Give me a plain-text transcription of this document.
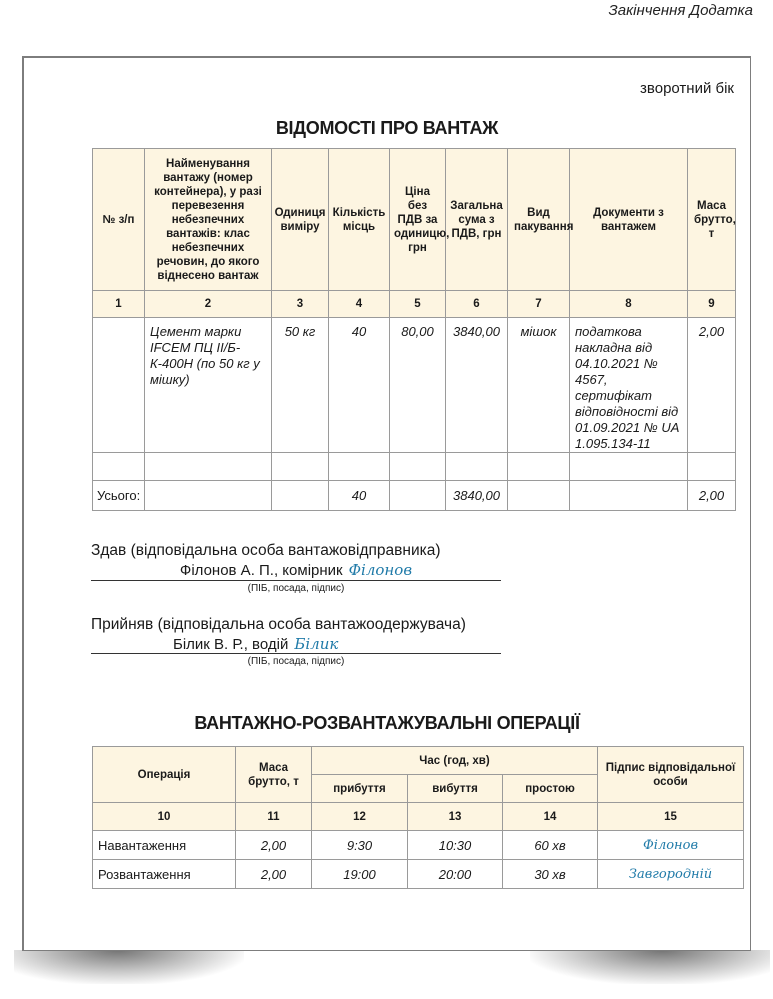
Закінчення Додатка
зворотний бік
ВІДОМОСТІ ПРО ВАНТАЖ
№ з/п	Найменування вантажу (номер контейнера), у разі перевезення небезпечних вантажів: клас небезпечних речовин, до якого віднесено вантаж	Одиниця виміру	Кількість місць	Ціна без ПДВ за одиницю, грн	Загальна сума з ПДВ, грн	Вид пакування	Документи з вантажем	Маса брутто, т
1	2	3	4	5	6	7	8	9
	Цемент марки IFCEM ПЦ ІІ/Б-К-400Н (по 50 кг у мішку)	50 кг	40	80,00	3840,00	мішок	податкова накладна від 04.10.2021 № 4567, сертифікат відповідності від 01.09.2021 № UA 1.095.134-11	2,00

Усього:			40		3840,00			2,00
Здав (відповідальна особа вантажовідправника)
Філонов А. П., комірник Філонов
(ПІБ, посада, підпис)
Прийняв (відповідальна особа вантажоодержувача)
Білик В. Р., водій Білик
(ПІБ, посада, підпис)
ВАНТАЖНО-РОЗВАНТАЖУВАЛЬНІ ОПЕРАЦІЇ
Операція	Маса брутто, т	Час (год, хв)			Підпис відповідальної особи
		прибуття	вибуття	простою	
10	11	12	13	14	15
Навантаження	2,00	9:30	10:30	60 хв	Філонов
Розвантаження	2,00	19:00	20:00	30 хв	Завгородній
